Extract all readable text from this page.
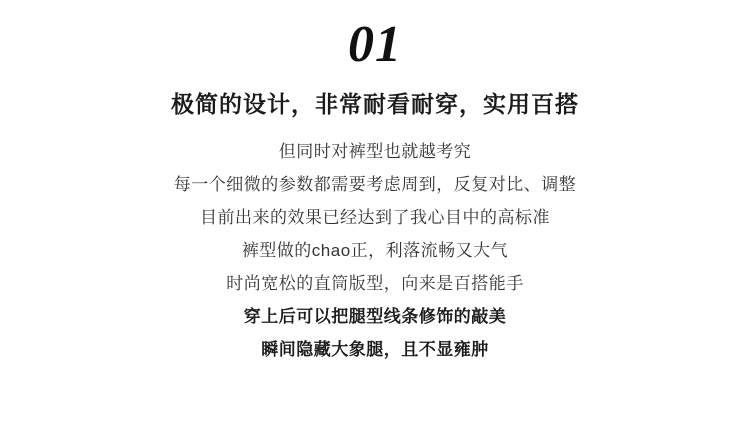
01
极简的设计，非常耐看耐穿，实用百搭
但同时对裤型也就越考究
每一个细微的参数都需要考虑周到，反复对比、调整
目前出来的效果已经达到了我心目中的高标准
裤型做的chao正，利落流畅又大气
时尚宽松的直筒版型，向来是百搭能手
穿上后可以把腿型线条修饰的敲美
瞬间隐藏大象腿，且不显雍肿
